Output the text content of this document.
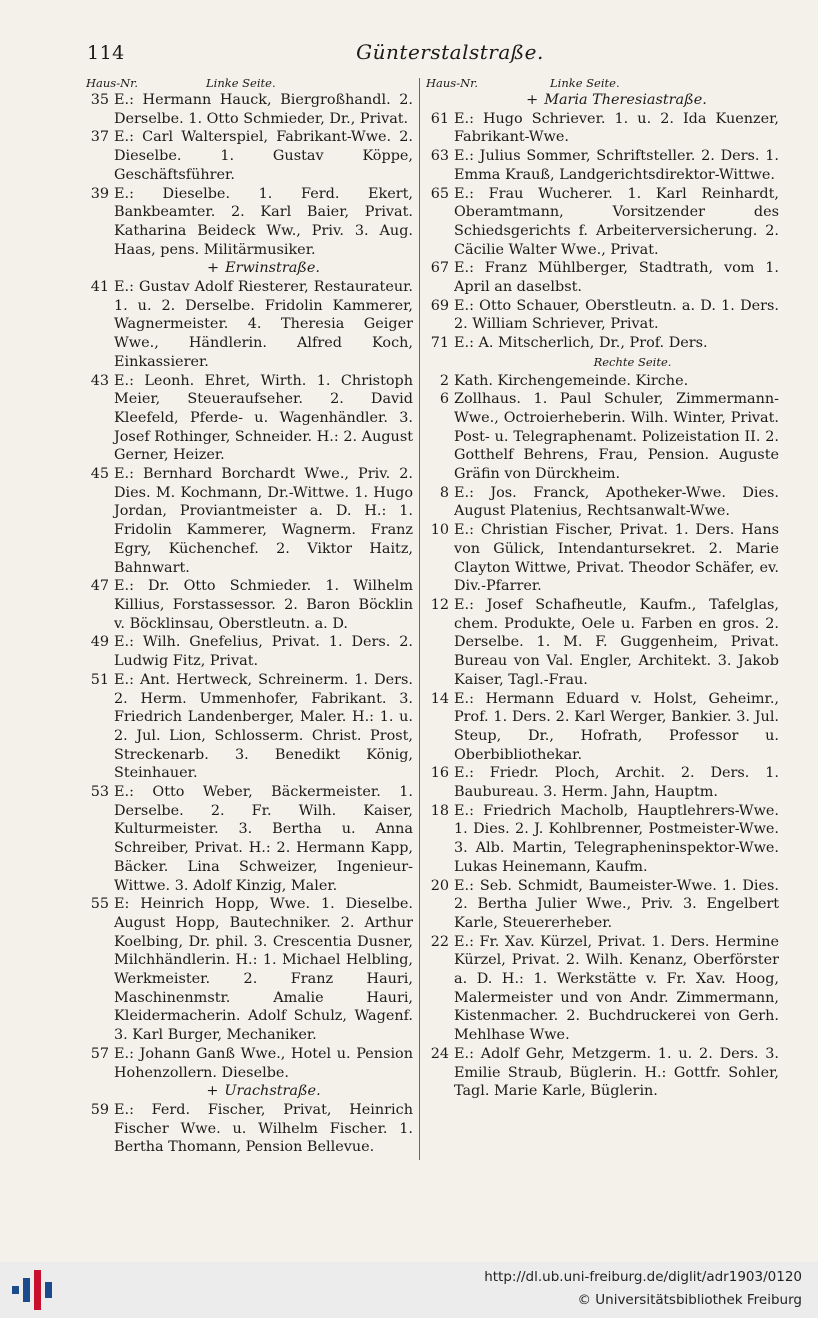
114	Günterstalstraße.
Haus-Nr.	Linke Seite.
35 E.: Hermann Hauck, Biergroßhandl. 2. Derselbe. 1. Otto Schmieder, Dr., Privat.
37 E.: Carl Walterspiel, Fabrikant-Wwe. 2. Dieselbe. 1. Gustav Köppe, Geschäftsführer.
39 E.: Dieselbe. 1. Ferd. Ekert, Bankbeamter. 2. Karl Baier, Privat. Katharina Beideck Ww., Priv. 3. Aug. Haas, pens. Militärmusiker.
+ Erwinstraße.
41 E.: Gustav Adolf Riesterer, Restaurateur. 1. u. 2. Derselbe. Fridolin Kammerer, Wagnermeister. 4. Theresia Geiger Wwe., Händlerin. Alfred Koch, Einkassierer.
43 E.: Leonh. Ehret, Wirth. 1. Christoph Meier, Steueraufseher. 2. David Kleefeld, Pferde- u. Wagenhändler. 3. Josef Rothinger, Schneider. H.: 2. August Gerner, Heizer.
45 E.: Bernhard Borchardt Wwe., Priv. 2. Dies. M. Kochmann, Dr.-Wittwe. 1. Hugo Jordan, Proviantmeister a. D. H.: 1. Fridolin Kammerer, Wagnerm. Franz Egry, Küchenchef. 2. Viktor Haitz, Bahnwart.
47 E.: Dr. Otto Schmieder. 1. Wilhelm Killius, Forstassessor. 2. Baron Böcklin v. Böcklinsau, Oberstleutn. a. D.
49 E.: Wilh. Gnefelius, Privat. 1. Ders. 2. Ludwig Fitz, Privat.
51 E.: Ant. Hertweck, Schreinerm. 1. Ders. 2. Herm. Ummenhofer, Fabrikant. 3. Friedrich Landenberger, Maler. H.: 1. u. 2. Jul. Lion, Schlosserm. Christ. Prost, Streckenarb. 3. Benedikt König, Steinhauer.
53 E.: Otto Weber, Bäckermeister. 1. Derselbe. 2. Fr. Wilh. Kaiser, Kulturmeister. 3. Bertha u. Anna Schreiber, Privat. H.: 2. Hermann Kapp, Bäcker. Lina Schweizer, Ingenieur-Wittwe. 3. Adolf Kinzig, Maler.
55 E: Heinrich Hopp, Wwe. 1. Dieselbe. August Hopp, Bautechniker. 2. Arthur Koelbing, Dr. phil. 3. Crescentia Dusner, Milchhändlerin. H.: 1. Michael Helbling, Werkmeister. 2. Franz Hauri, Maschinenmstr. Amalie Hauri, Kleidermacherin. Adolf Schulz, Wagenf. 3. Karl Burger, Mechaniker.
57 E.: Johann Ganß Wwe., Hotel u. Pension Hohenzollern. Dieselbe.
+ Urachstraße.
59 E.: Ferd. Fischer, Privat, Heinrich Fischer Wwe. u. Wilhelm Fischer. 1. Bertha Thomann, Pension Bellevue.
Haus-Nr.	Linke Seite.
+ Maria Theresiastraße.
61 E.: Hugo Schriever. 1. u. 2. Ida Kuenzer, Fabrikant-Wwe.
63 E.: Julius Sommer, Schriftsteller. 2. Ders. 1. Emma Krauß, Landgerichtsdirektor-Wittwe.
65 E.: Frau Wucherer. 1. Karl Reinhardt, Oberamtmann, Vorsitzender des Schiedsgerichts f. Arbeiterversicherung. 2. Cäcilie Walter Wwe., Privat.
67 E.: Franz Mühlberger, Stadtrath, vom 1. April an daselbst.
69 E.: Otto Schauer, Oberstleutn. a. D. 1. Ders. 2. William Schriever, Privat.
71 E.: A. Mitscherlich, Dr., Prof. Ders.
Rechte Seite.
2 Kath. Kirchengemeinde. Kirche.
6 Zollhaus. 1. Paul Schuler, Zimmermann-Wwe., Octroierheberin. Wilh. Winter, Privat. Post- u. Telegraphenamt. Polizeistation II. 2. Gotthelf Behrens, Frau, Pension. Auguste Gräfin von Dürckheim.
8 E.: Jos. Franck, Apotheker-Wwe. Dies. August Platenius, Rechtsanwalt-Wwe.
10 E.: Christian Fischer, Privat. 1. Ders. Hans von Gülick, Intendantursekret. 2. Marie Clayton Wittwe, Privat. Theodor Schäfer, ev. Div.-Pfarrer.
12 E.: Josef Schafheutle, Kaufm., Tafelglas, chem. Produkte, Oele u. Farben en gros. 2. Derselbe. 1. M. F. Guggenheim, Privat. Bureau von Val. Engler, Architekt. 3. Jakob Kaiser, Tagl.-Frau.
14 E.: Hermann Eduard v. Holst, Geheimr., Prof. 1. Ders. 2. Karl Werger, Bankier. 3. Jul. Steup, Dr., Hofrath, Professor u. Oberbibliothekar.
16 E.: Friedr. Ploch, Archit. 2. Ders. 1. Baubureau. 3. Herm. Jahn, Hauptm.
18 E.: Friedrich Macholb, Hauptlehrers-Wwe. 1. Dies. 2. J. Kohlbrenner, Postmeister-Wwe. 3. Alb. Martin, Telegrapheninspektor-Wwe. Lukas Heinemann, Kaufm.
20 E.: Seb. Schmidt, Baumeister-Wwe. 1. Dies. 2. Bertha Julier Wwe., Priv. 3. Engelbert Karle, Steuererheber.
22 E.: Fr. Xav. Kürzel, Privat. 1. Ders. Hermine Kürzel, Privat. 2. Wilh. Kenanz, Oberförster a. D. H.: 1. Werkstätte v. Fr. Xav. Hoog, Malermeister und von Andr. Zimmermann, Kistenmacher. 2. Buchdruckerei von Gerh. Mehlhase Wwe.
24 E.: Adolf Gehr, Metzgerm. 1. u. 2. Ders. 3. Emilie Straub, Büglerin. H.: Gottfr. Sohler, Tagl. Marie Karle, Büglerin.
http://dl.ub.uni-freiburg.de/diglit/adr1903/0120
© Universitätsbibliothek Freiburg
